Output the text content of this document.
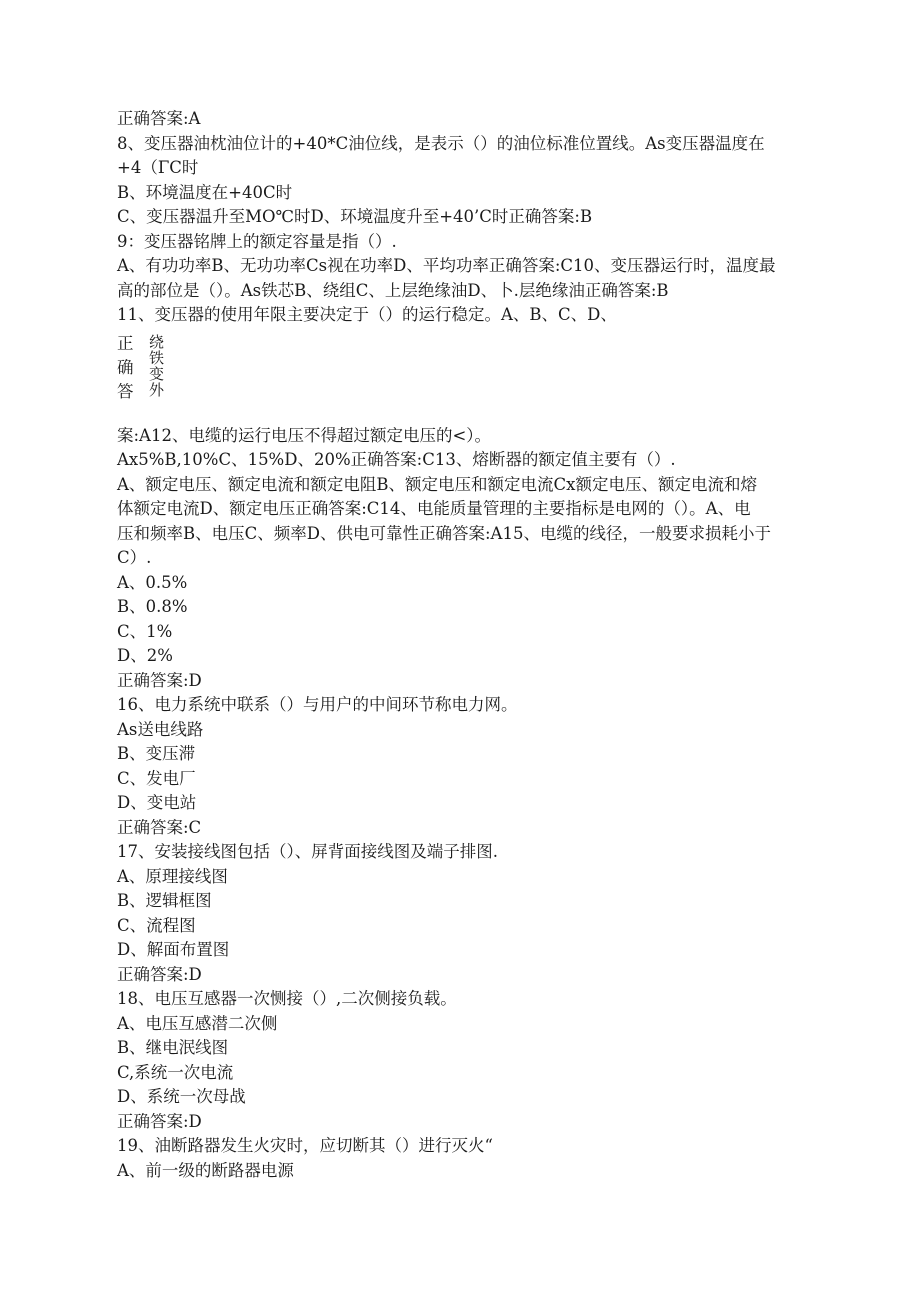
正确答案:A
8、变压器油枕油位计的+40*C油位线，是表示（）的油位标准位置线。As变压器温度在
+4（ΓC时
B、环境温度在+40C时
C、变压器温升至MO℃时D、环境温度升至+40’C时正确答案:B
9：变压器铭牌上的额定容量是指（）.
A、有功功率B、无功功率Cs视在功率D、平均功率正确答案:C10、变压器运行时，温度最
高的部位是（）。As铁芯B、绕组C、上层绝缘油D、卜.层绝缘油正确答案:B
11、变压器的使用年限主要决定于（）的运行稳定。A、B、C、D、
正
确
答
绕
铁
变
外
案:A12、电缆的运行电压不得超过额定电压的<）。
Ax5%B,10%C、15%D、20%正确答案:C13、熔断器的额定值主要有（）.
A、额定电压、额定电流和额定电阻B、额定电压和额定电流Cx额定电压、额定电流和熔
体额定电流D、额定电压正确答案:C14、电能质量管理的主要指标是电网的（）。A、电
压和频率B、电压C、频率D、供电可靠性正确答案:A15、电缆的线径，一般要求损耗小于
C）.
A、0.5%
B、0.8%
C、1%
D、2%
正确答案:D
16、电力系统中联系（）与用户的中间环节称电力网。
As送电线路
B、变压滞
C、发电厂
D、变电站
正确答案:C
17、安装接线图包括（）、屏背面接线图及端子排图.
A、原理接线图
B、逻辑框图
C、流程图
D、解面布置图
正确答案:D
18、电压互感器一次恻接（）,二次侧接负载。
A、电压互感潜二次侧
B、继电泯线图
C,系统一次电流
D、系统一次母战
正确答案:D
19、油断路器发生火灾时，应切断其（）进行灭火“
A、前一级的断路器电源
